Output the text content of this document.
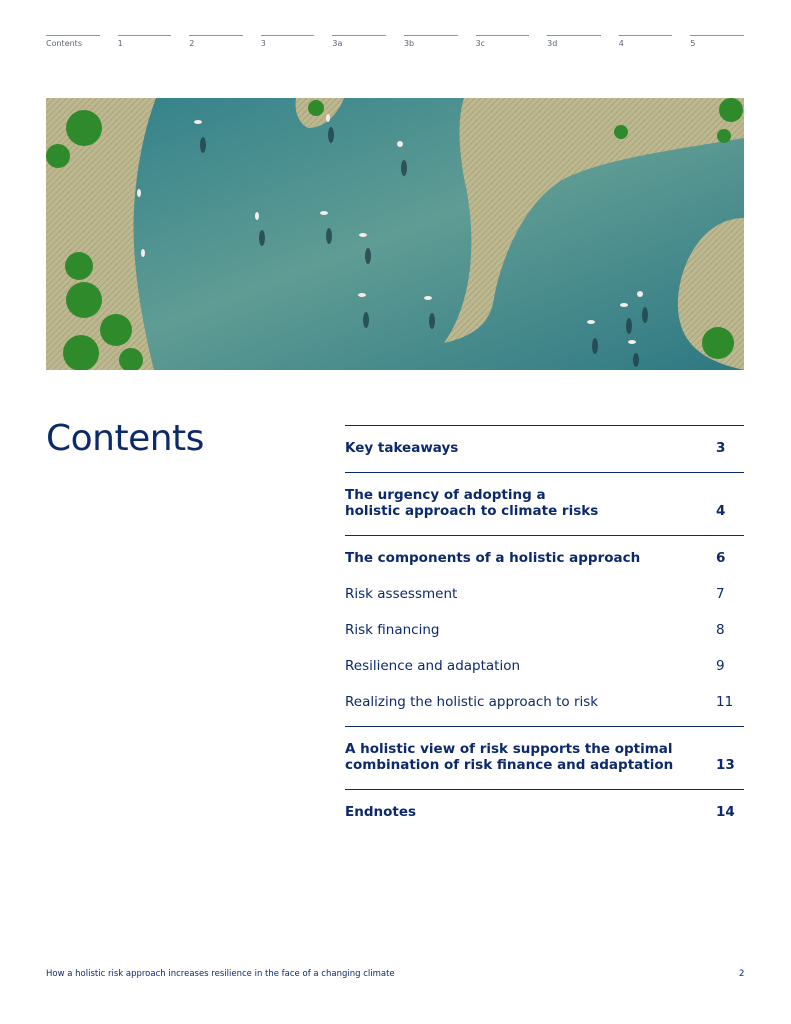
Contents	1	2	3	3a	3b	3c	3d	4	5
Contents	Key takeaways	3
The urgency of adopting a
holistic approach to climate risks	4
The components of a holistic approach	6
Risk assessment	7
Risk financing	8
Resilience and adaptation	9
Realizing the holistic approach to risk	11
A holistic view of risk supports the optimal
combination of risk finance and adaptation	13
Endnotes	14
How a holistic risk approach increases resilience in the face of a changing climate	2
